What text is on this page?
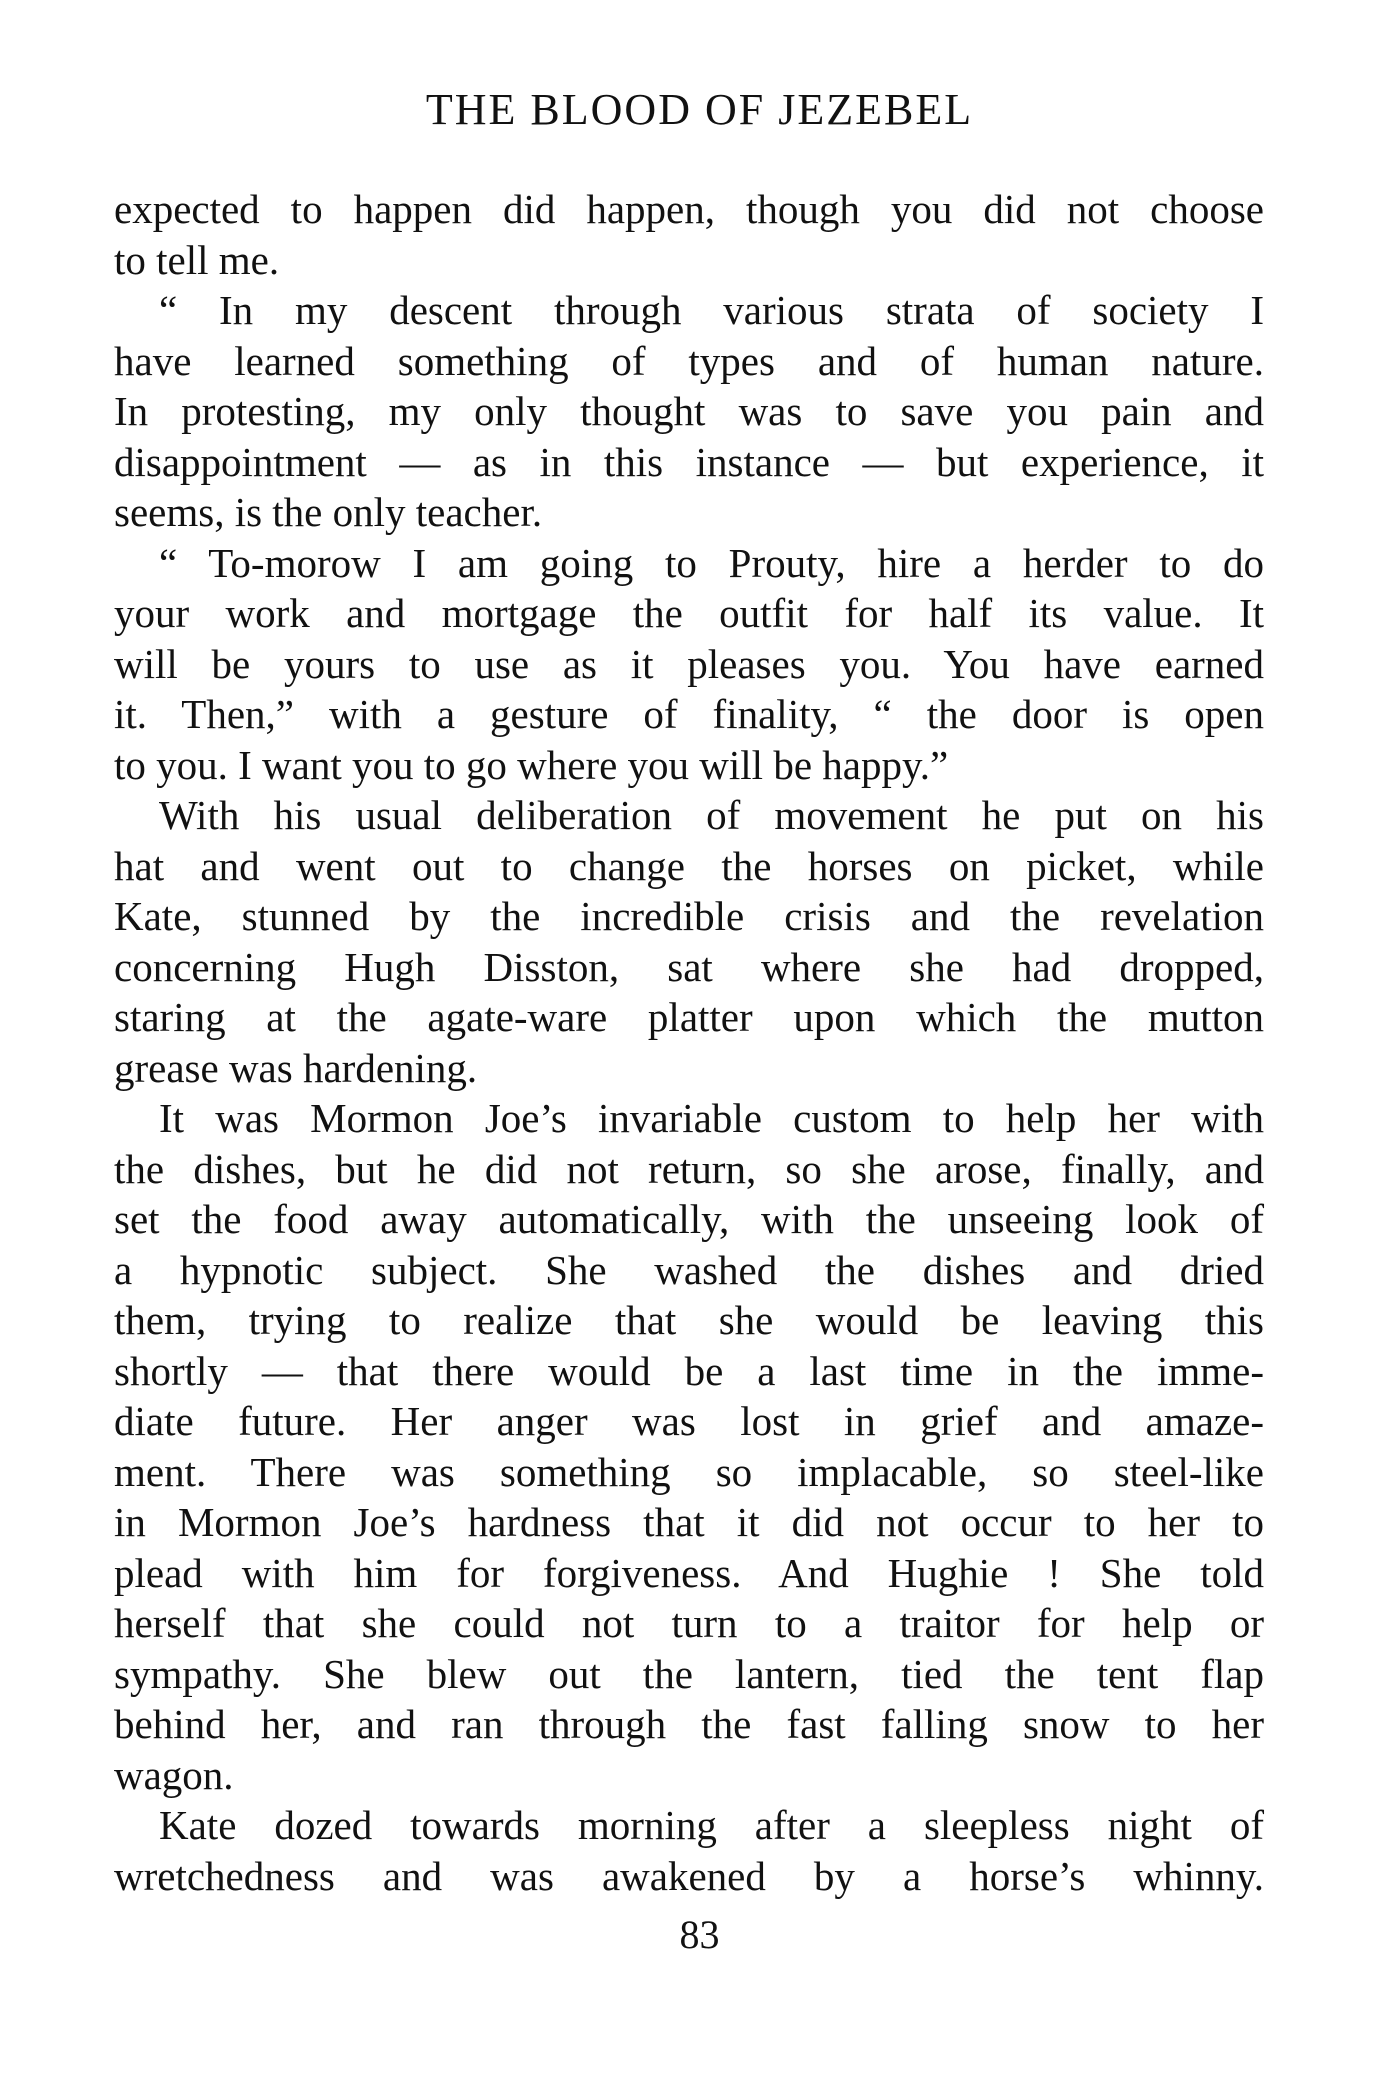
THE BLOOD OF JEZEBEL
expected to happen did happen, though you did not choose
to tell me.
“ In my descent through various strata of society I
have learned something of types and of human nature.
In protesting, my only thought was to save you pain and
disappointment — as in this instance — but experience, it
seems, is the only teacher.
“ To-morow I am going to Prouty, hire a herder to do
your work and mortgage the outfit for half its value. It
will be yours to use as it pleases you. You have earned
it. Then,” with a gesture of finality, “ the door is open
to you. I want you to go where you will be happy.”
With his usual deliberation of movement he put on his
hat and went out to change the horses on picket, while
Kate, stunned by the incredible crisis and the revelation
concerning Hugh Disston, sat where she had dropped,
staring at the agate-ware platter upon which the mutton
grease was hardening.
It was Mormon Joe’s invariable custom to help her with
the dishes, but he did not return, so she arose, finally, and
set the food away automatically, with the unseeing look of
a hypnotic subject. She washed the dishes and dried
them, trying to realize that she would be leaving this
shortly — that there would be a last time in the imme-
diate future. Her anger was lost in grief and amaze-
ment. There was something so implacable, so steel-like
in Mormon Joe’s hardness that it did not occur to her to
plead with him for forgiveness. And Hughie ! She told
herself that she could not turn to a traitor for help or
sympathy. She blew out the lantern, tied the tent flap
behind her, and ran through the fast falling snow to her
wagon.
Kate dozed towards morning after a sleepless night of
wretchedness and was awakened by a horse’s whinny.
83
